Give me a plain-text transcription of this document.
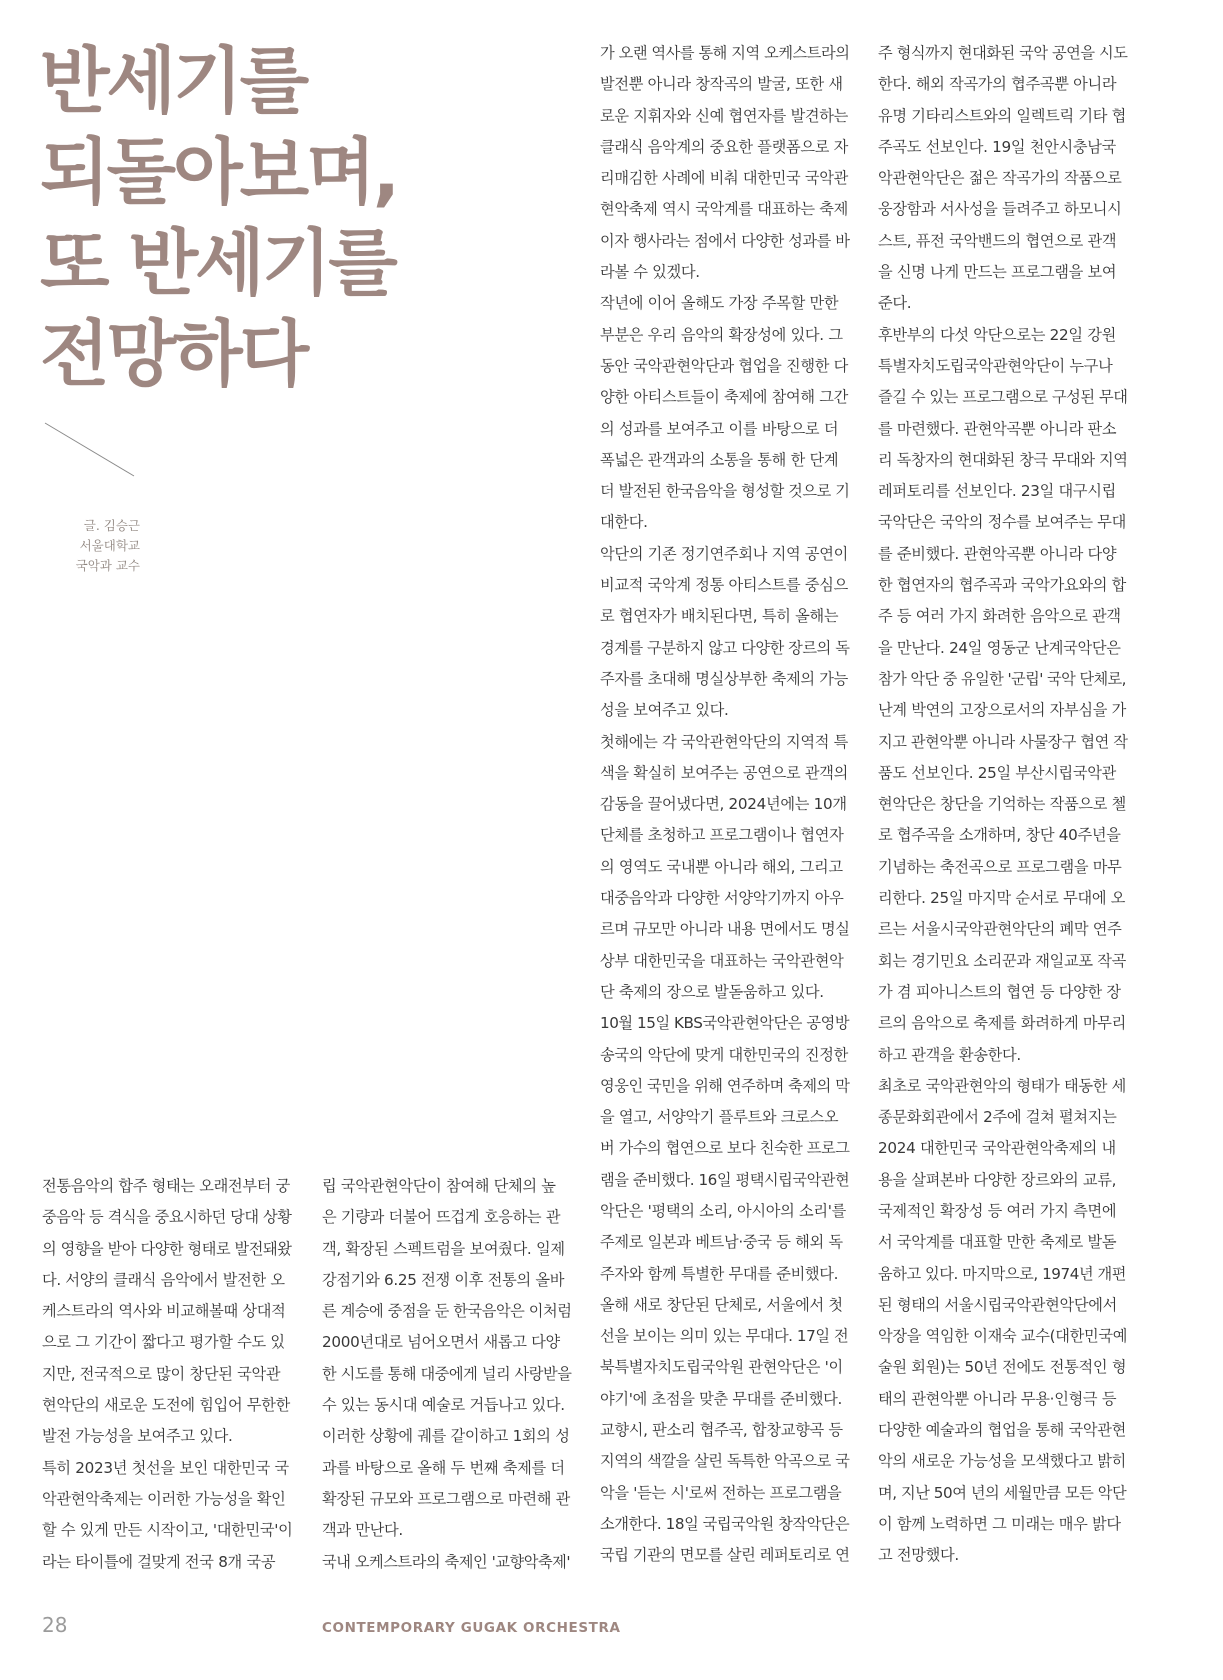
반세기를
되돌아보며,
또 반세기를
전망하다
글. 김승근
서울대학교
국악과 교수

전통음악의 합주 형태는 오래전부터 궁

중음악 등 격식을 중요시하던 당대 상황

의 영향을 받아 다양한 형태로 발전돼왔

다. 서양의 클래식 음악에서 발전한 오

케스트라의 역사와 비교해볼때 상대적

으로 그 기간이 짧다고 평가할 수도 있

지만, 전국적으로 많이 창단된 국악관

현악단의 새로운 도전에 힘입어 무한한

발전 가능성을 보여주고 있다.

특히 2023년 첫선을 보인 대한민국 국

악관현악축제는 이러한 가능성을 확인

할 수 있게 만든 시작이고, '대한민국'이

라는 타이틀에 걸맞게 전국 8개 국공

립 국악관현악단이 참여해 단체의 높

은 기량과 더불어 뜨겁게 호응하는 관

객, 확장된 스펙트럼을 보여줬다. 일제

강점기와 6.25 전쟁 이후 전통의 올바

른 계승에 중점을 둔 한국음악은 이처럼

2000년대로 넘어오면서 새롭고 다양

한 시도를 통해 대중에게 널리 사랑받을

수 있는 동시대 예술로 거듭나고 있다.

이러한 상황에 궤를 같이하고 1회의 성

과를 바탕으로 올해 두 번째 축제를 더

확장된 규모와 프로그램으로 마련해 관

객과 만난다.

국내 오케스트라의 축제인 '교향악축제'

가 오랜 역사를 통해 지역 오케스트라의

발전뿐 아니라 창작곡의 발굴, 또한 새

로운 지휘자와 신예 협연자를 발견하는

클래식 음악계의 중요한 플랫폼으로 자

리매김한 사례에 비춰 대한민국 국악관

현악축제 역시 국악계를 대표하는 축제

이자 행사라는 점에서 다양한 성과를 바

라볼 수 있겠다.

작년에 이어 올해도 가장 주목할 만한

부분은 우리 음악의 확장성에 있다. 그

동안 국악관현악단과 협업을 진행한 다

양한 아티스트들이 축제에 참여해 그간

의 성과를 보여주고 이를 바탕으로 더

폭넓은 관객과의 소통을 통해 한 단계

더 발전된 한국음악을 형성할 것으로 기

대한다.

악단의 기존 정기연주회나 지역 공연이

비교적 국악계 정통 아티스트를 중심으

로 협연자가 배치된다면, 특히 올해는

경계를 구분하지 않고 다양한 장르의 독

주자를 초대해 명실상부한 축제의 가능

성을 보여주고 있다.

첫해에는 각 국악관현악단의 지역적 특

색을 확실히 보여주는 공연으로 관객의

감동을 끌어냈다면, 2024년에는 10개

단체를 초청하고 프로그램이나 협연자

의 영역도 국내뿐 아니라 해외, 그리고

대중음악과 다양한 서양악기까지 아우

르며 규모만 아니라 내용 면에서도 명실

상부 대한민국을 대표하는 국악관현악

단 축제의 장으로 발돋움하고 있다.

10월 15일 KBS국악관현악단은 공영방

송국의 악단에 맞게 대한민국의 진정한

영웅인 국민을 위해 연주하며 축제의 막

을 열고, 서양악기 플루트와 크로스오

버 가수의 협연으로 보다 친숙한 프로그

램을 준비했다. 16일 평택시립국악관현

악단은 '평택의 소리, 아시아의 소리'를

주제로 일본과 베트남·중국 등 해외 독

주자와 함께 특별한 무대를 준비했다.

올해 새로 창단된 단체로, 서울에서 첫

선을 보이는 의미 있는 무대다. 17일 전

북특별자치도립국악원 관현악단은 '이

야기'에 초점을 맞춘 무대를 준비했다.

교향시, 판소리 협주곡, 합창교향곡 등

지역의 색깔을 살린 독특한 악곡으로 국

악을 '듣는 시'로써 전하는 프로그램을

소개한다. 18일 국립국악원 창작악단은

국립 기관의 면모를 살린 레퍼토리로 연

주 형식까지 현대화된 국악 공연을 시도

한다. 해외 작곡가의 협주곡뿐 아니라

유명 기타리스트와의 일렉트릭 기타 협

주곡도 선보인다. 19일 천안시충남국

악관현악단은 젊은 작곡가의 작품으로

웅장함과 서사성을 들려주고 하모니시

스트, 퓨전 국악밴드의 협연으로 관객

을 신명 나게 만드는 프로그램을 보여

준다.

후반부의 다섯 악단으로는 22일 강원

특별자치도립국악관현악단이 누구나

즐길 수 있는 프로그램으로 구성된 무대

를 마련했다. 관현악곡뿐 아니라 판소

리 독창자의 현대화된 창극 무대와 지역

레퍼토리를 선보인다. 23일 대구시립

국악단은 국악의 정수를 보여주는 무대

를 준비했다. 관현악곡뿐 아니라 다양

한 협연자의 협주곡과 국악가요와의 합

주 등 여러 가지 화려한 음악으로 관객

을 만난다. 24일 영동군 난계국악단은

참가 악단 중 유일한 '군립' 국악 단체로,

난계 박연의 고장으로서의 자부심을 가

지고 관현악뿐 아니라 사물장구 협연 작

품도 선보인다. 25일 부산시립국악관

현악단은 창단을 기억하는 작품으로 첼

로 협주곡을 소개하며, 창단 40주년을

기념하는 축전곡으로 프로그램을 마무

리한다. 25일 마지막 순서로 무대에 오

르는 서울시국악관현악단의 폐막 연주

회는 경기민요 소리꾼과 재일교포 작곡

가 겸 피아니스트의 협연 등 다양한 장

르의 음악으로 축제를 화려하게 마무리

하고 관객을 환송한다.

최초로 국악관현악의 형태가 태동한 세

종문화회관에서 2주에 걸쳐 펼쳐지는

2024 대한민국 국악관현악축제의 내

용을 살펴본바 다양한 장르와의 교류,

국제적인 확장성 등 여러 가지 측면에

서 국악계를 대표할 만한 축제로 발돋

움하고 있다. 마지막으로, 1974년 개편

된 형태의 서울시립국악관현악단에서

악장을 역임한 이재숙 교수(대한민국예

술원 회원)는 50년 전에도 전통적인 형

태의 관현악뿐 아니라 무용·인형극 등

다양한 예술과의 협업을 통해 국악관현

악의 새로운 가능성을 모색했다고 밝히

며, 지난 50여 년의 세월만큼 모든 악단

이 함께 노력하면 그 미래는 매우 밝다

고 전망했다.

28	CONTEMPORARY GUGAK ORCHESTRA
